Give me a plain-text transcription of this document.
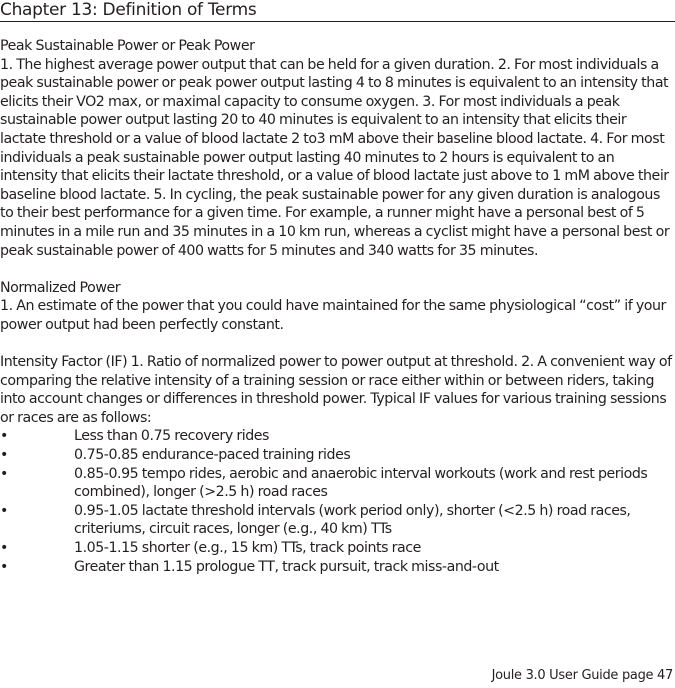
Chapter 13: Definition of Terms

Peak Sustainable Power or Peak Power

1. The highest average power output that can be held for a given duration. 2. For most individuals a peak sustainable power or peak power output lasting 4 to 8 minutes is equivalent to an intensity that elicits their VO2 max, or maximal capacity to consume oxygen. 3. For most individuals a peak sustainable power output lasting 20 to 40 minutes is equivalent to an intensity that elicits their lactate threshold or a value of blood lactate 2 to3 mM above their baseline blood lactate. 4. For most individuals a peak sustainable power output lasting 40 minutes to 2 hours is equivalent to an intensity that elicits their lactate threshold, or a value of blood lactate just above to 1 mM above their baseline blood lactate. 5. In cycling, the peak sustainable power for any given duration is analogous to their best performance for a given time. For example, a runner might have a personal best of 5 minutes in a mile run and 35 minutes in a 10 km run, whereas a cyclist might have a personal best or peak sustainable power of 400 watts for 5 minutes and 340 watts for 35 minutes.

Normalized Power

1. An estimate of the power that you could have maintained for the same physiological “cost” if your power output had been perfectly constant.

Intensity Factor (IF) 1. Ratio of normalized power to power output at threshold. 2. A convenient way of comparing the relative intensity of a training session or race either within or between riders, taking into account changes or differences in threshold power. Typical IF values for various training sessions or races are as follows:

•	Less than 0.75 recovery rides
•	0.75-0.85 endurance-paced training rides
•	0.85-0.95 tempo rides, aerobic and anaerobic interval workouts (work and rest periods combined), longer (>2.5 h) road races
•	0.95-1.05 lactate threshold intervals (work period only), shorter (<2.5 h) road races, criteriums, circuit races, longer (e.g., 40 km) TTs
•	1.05-1.15 shorter (e.g., 15 km) TTs, track points race
•	Greater than 1.15 prologue TT, track pursuit, track miss-and-out
Joule 3.0 User Guide page 47
